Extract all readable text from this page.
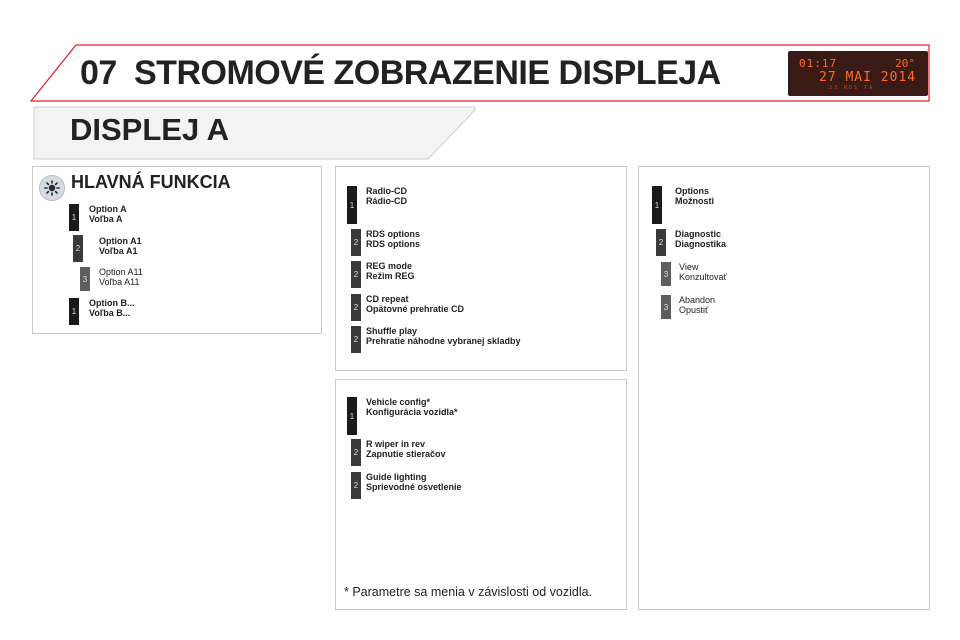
07 STROMOVÉ ZOBRAZENIE DISPLEJA	01:17	20°
27 MAI 2014
23 RDS TA
DISPLEJ A
HLAVNÁ FUNKCIA
1
Option A
Voľba A
2
Option A1
Voľba A1
3
Option A11
Voľba A11
1
Option B...
Voľba B...
1
Radio-CD
Rádio-CD
2
RDS options
RDS options
2
REG mode
Režim REG
2
CD repeat
Opätovné prehratie CD
2
Shuffle play
Prehratie náhodne vybranej skladby
1
Vehicle config*
Konfigurácia vozidla*
2
R wiper in rev
Zapnutie stieračov
2
Guide lighting
Sprievodné osvetlenie
* Parametre sa menia v závislosti od vozidla.
1
Options
Možnosti
2
Diagnostic
Diagnostika
3
View
Konzultovať
3
Abandon
Opustiť
